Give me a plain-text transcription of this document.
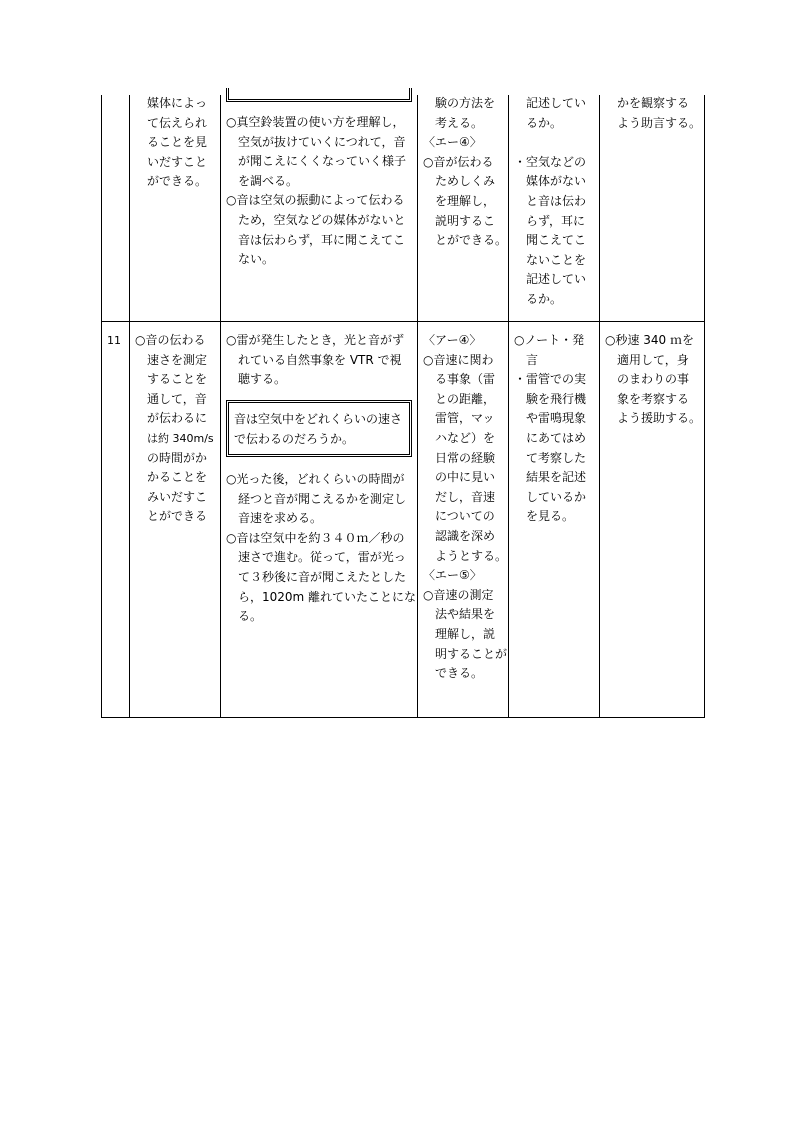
媒体によっ
て伝えられ
ることを見
いだすこと
ができる。
○真空鈴装置の使い方を理解し，
空気が抜けていくにつれて，音
が聞こえにくくなっていく様子
を調べる。
○音は空気の振動によって伝わる
ため，空気などの媒体がないと
音は伝わらず，耳に聞こえてこ
ない。
験の方法を
考える。
〈エー④〉
○音が伝わる
ためしくみ
を理解し，
説明するこ
とができる。
記述してい
るか。

・空気などの
媒体がない
と音は伝わ
らず，耳に
聞こえてこ
ないことを
記述してい
るか。
かを観察する
よう助言する。
11	○音の伝わる
速さを測定
することを
通して，音
が伝わるに
は約 340m/s
の時間がか
かることを
みいだすこ
とができる
○雷が発生したとき，光と音がず
れている自然事象を VTR で視
聴する。
音は空気中をどれくらいの速さ
で伝わるのだろうか。
○光った後，どれくらいの時間が
経つと音が聞こえるかを測定し
音速を求める。
○音は空気中を約３４０ｍ／秒の
速さで進む。従って，雷が光っ
て３秒後に音が聞こえたとした
ら，1020m 離れていたことにな
る。
〈アー④〉
○音速に関わ
る事象（雷
との距離，
雷管，マッ
ハなど）を
日常の経験
の中に見い
だし，音速
についての
認識を深め
ようとする。
〈エー⑤〉
○音速の測定
法や結果を
理解し，説
明することが
できる。
○ノート・発
言
・雷管での実
験を飛行機
や雷鳴現象
にあてはめ
て考察した
結果を記述
しているか
を見る。
○秒速 340 ｍを
適用して，身
のまわりの事
象を考察する
よう援助する。
